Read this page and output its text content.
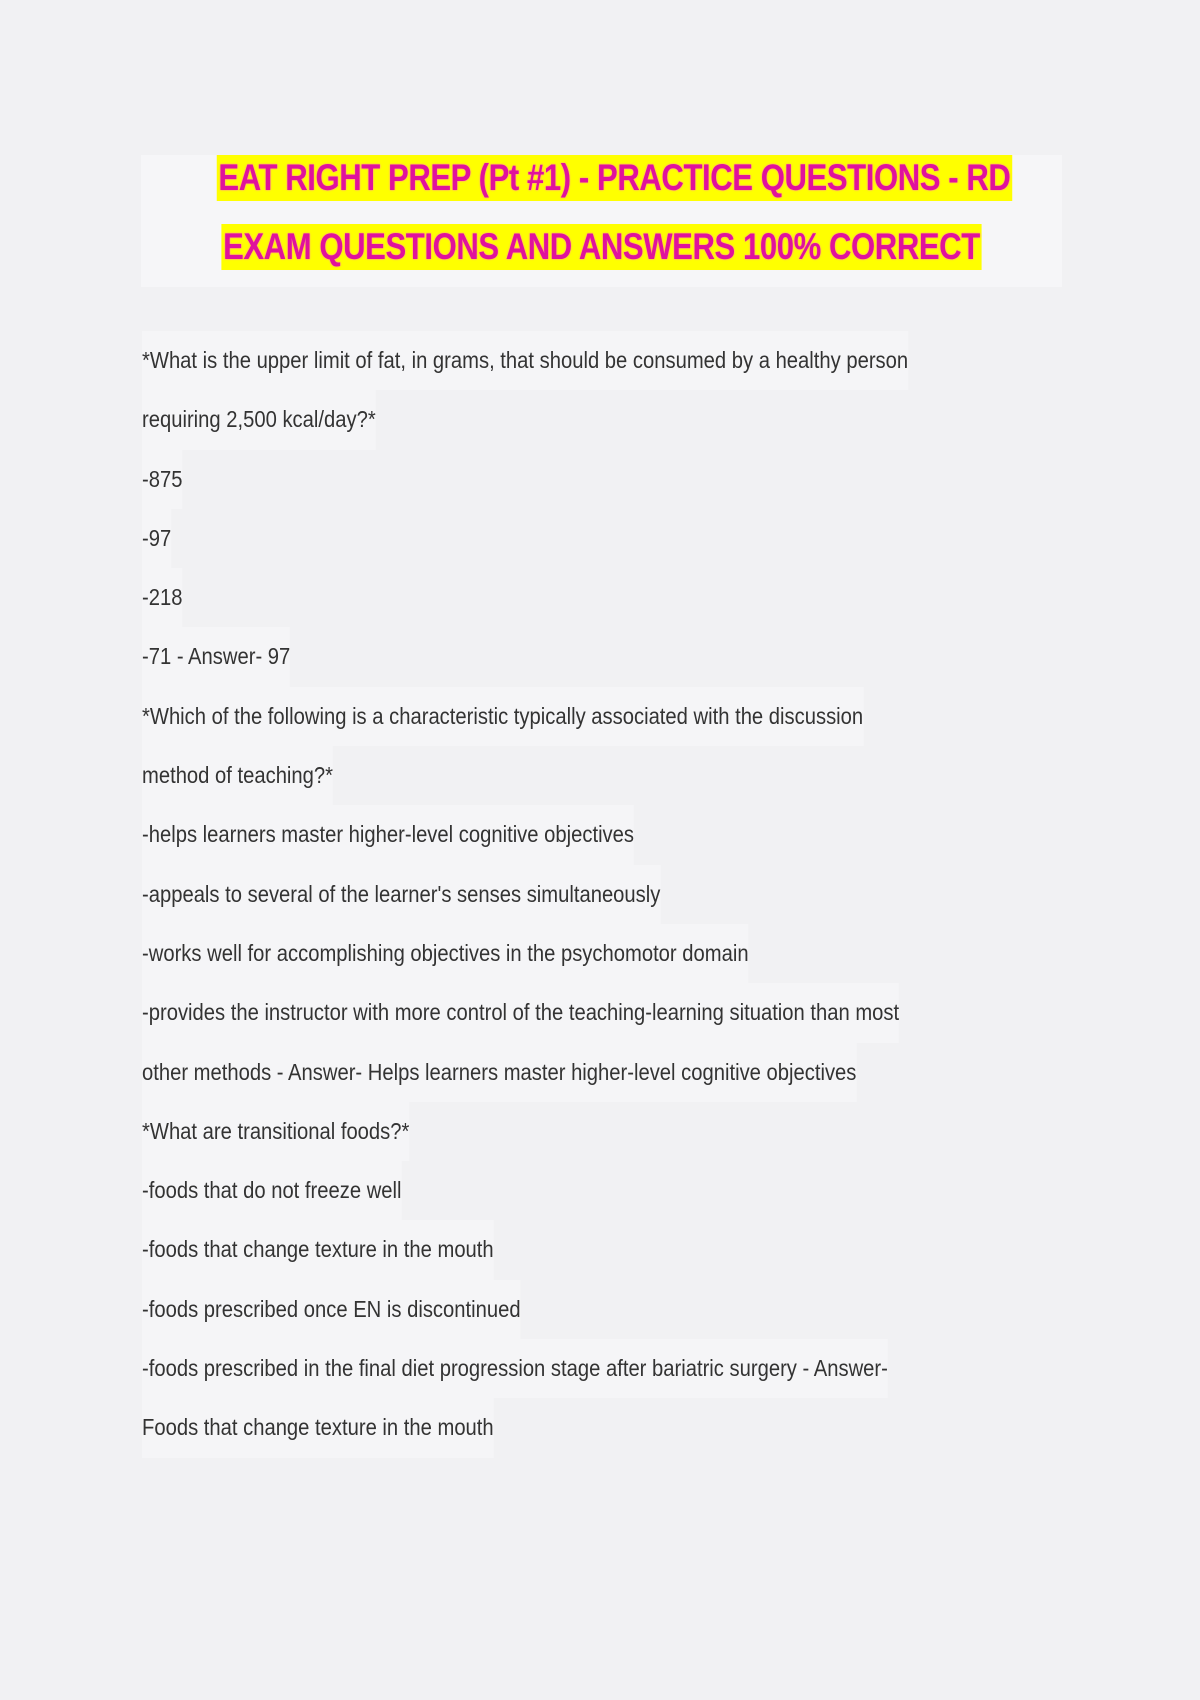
EAT RIGHT PREP (Pt #1) - PRACTICE QUESTIONS - RD
EXAM QUESTIONS AND ANSWERS 100% CORRECT
*What is the upper limit of fat, in grams, that should be consumed by a healthy person
requiring 2,500 kcal/day?*
-875
-97
-218
-71 - Answer- 97
*Which of the following is a characteristic typically associated with the discussion
method of teaching?*
-helps learners master higher-level cognitive objectives
-appeals to several of the learner's senses simultaneously
-works well for accomplishing objectives in the psychomotor domain
-provides the instructor with more control of the teaching-learning situation than most
other methods - Answer- Helps learners master higher-level cognitive objectives
*What are transitional foods?*
-foods that do not freeze well
-foods that change texture in the mouth
-foods prescribed once EN is discontinued
-foods prescribed in the final diet progression stage after bariatric surgery - Answer-
Foods that change texture in the mouth
